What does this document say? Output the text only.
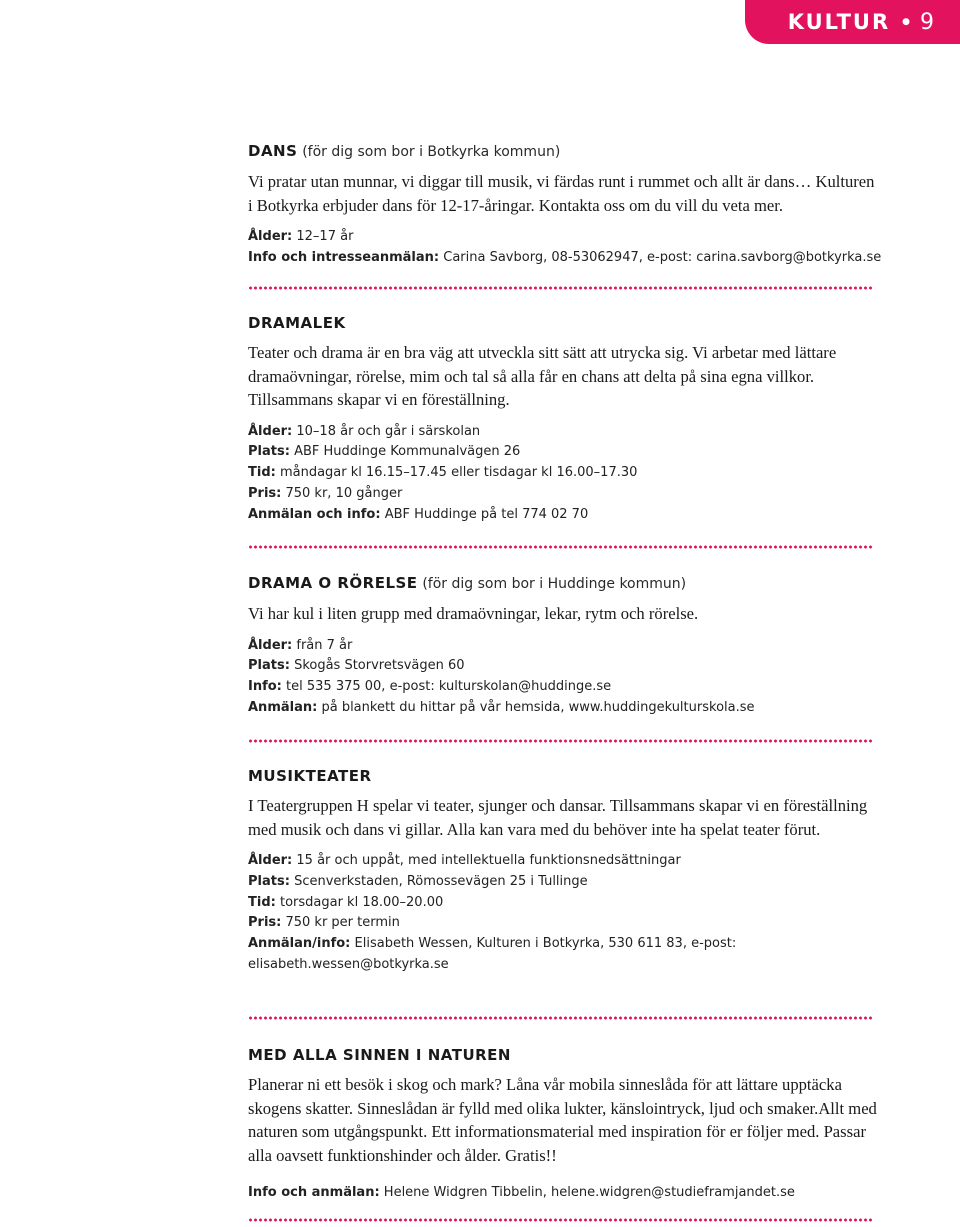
KULTUR ● 9
DANS (för dig som bor i Botkyrka kommun)
Vi pratar utan munnar, vi diggar till musik, vi färdas runt i rummet och allt är dans… Kulturen i Botkyrka erbjuder dans för 12-17-åringar. Kontakta oss om du vill du veta mer.
Ålder: 12–17 år
Info och intresseanmälan: Carina Savborg, 08-53062947, e-post: carina.savborg@botkyrka.se
DRAMALEK
Teater och drama är en bra väg att utveckla sitt sätt att utrycka sig. Vi arbetar med lättare dramaövningar, rörelse, mim och tal så alla får en chans att delta på sina egna villkor. Tillsammans skapar vi en föreställning.
Ålder: 10–18 år och går i särskolan
Plats: ABF Huddinge Kommunalvägen 26
Tid: måndagar kl 16.15–17.45 eller tisdagar kl 16.00–17.30
Pris: 750 kr, 10 gånger
Anmälan och info: ABF Huddinge på tel 774 02 70
DRAMA O RÖRELSE (för dig som bor i Huddinge kommun)
Vi har kul i liten grupp med dramaövningar, lekar, rytm och rörelse.
Ålder: från 7 år
Plats: Skogås Storvretsvägen 60
Info: tel 535 375 00, e-post: kulturskolan@huddinge.se
Anmälan: på blankett du hittar på vår hemsida, www.huddingekulturskola.se
MUSIKTEATER
I Teatergruppen H spelar vi teater, sjunger och dansar. Tillsammans skapar vi en föreställning med musik och dans vi gillar. Alla kan vara med du behöver inte ha spelat teater förut.
Ålder: 15 år och uppåt, med intellektuella funktionsnedsättningar
Plats: Scenverkstaden, Römossevägen 25 i Tullinge
Tid: torsdagar kl 18.00–20.00
Pris: 750 kr per termin
Anmälan/info: Elisabeth Wessen, Kulturen i Botkyrka, 530 611 83, e-post: elisabeth.wessen@botkyrka.se
MED ALLA SINNEN I NATUREN
Planerar ni ett besök i skog och mark? Låna vår mobila sinneslåda för att lättare upptäcka skogens skatter. Sinneslådan är fylld med olika lukter, känslointryck, ljud och smaker.Allt med naturen som utgångspunkt. Ett informationsmaterial med inspiration för er följer med. Passar alla oavsett funktionshinder och ålder. Gratis!!
Info och anmälan: Helene Widgren Tibbelin, helene.widgren@studieframjandet.se
